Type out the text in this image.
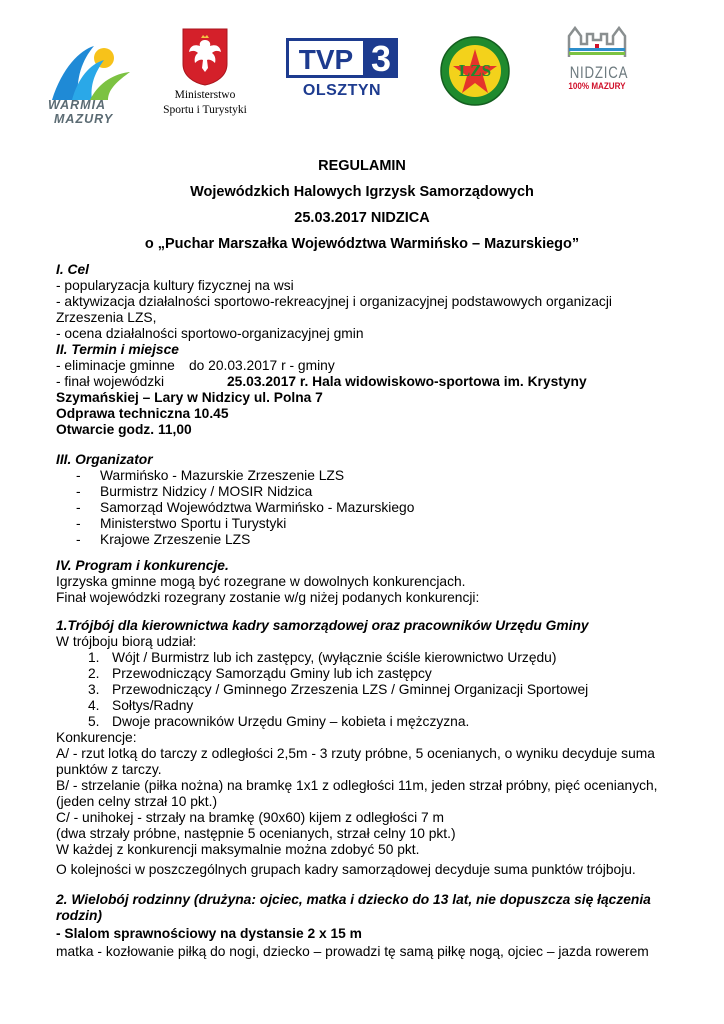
WARMIA
MAZURY
Ministerstwo
Sportu i Turystyki
TVP 3
OLSZTYN
LZS	NIDZICA
100% MAZURY
REGULAMIN
Wojewódzkich Halowych Igrzysk Samorządowych
25.03.2017 NIDZICA
o „Puchar Marszałka Województwa Warmińsko – Mazurskiego”
I. Cel
- popularyzacja kultury fizycznej na wsi
- aktywizacja działalności sportowo-rekreacyjnej i organizacyjnej podstawowych organizacji
Zrzeszenia LZS,
- ocena działalności sportowo-organizacyjnej gmin
II. Termin i miejsce
- eliminacje gminne do 20.03.2017 r - gminy
- finał wojewódzki	25.03.2017 r. Hala widowiskowo-sportowa im. Krystyny
Szymańskiej – Lary w Nidzicy ul. Polna 7
Odprawa techniczna 10.45
Otwarcie godz. 11,00
III. Organizator
- Warmińsko - Mazurskie Zrzeszenie LZS
- Burmistrz Nidzicy / MOSIR Nidzica
- Samorząd Województwa Warmińsko - Mazurskiego
- Ministerstwo Sportu i Turystyki
- Krajowe Zrzeszenie LZS
IV. Program i konkurencje.
Igrzyska gminne mogą być rozegrane w dowolnych konkurencjach.
Finał wojewódzki rozegrany zostanie w/g niżej podanych konkurencji:
1.Trójbój dla kierownictwa kadry samorządowej oraz pracowników Urzędu Gminy
W trójboju biorą udział:
1. Wójt / Burmistrz lub ich zastępcy, (wyłącznie ściśle kierownictwo Urzędu)
2. Przewodniczący Samorządu Gminy lub ich zastępcy
3. Przewodniczący / Gminnego Zrzeszenia LZS / Gminnej Organizacji Sportowej
4. Sołtys/Radny
5. Dwoje pracowników Urzędu Gminy – kobieta i mężczyzna.
Konkurencje:
A/ - rzut lotką do tarczy z odległości 2,5m - 3 rzuty próbne, 5 ocenianych, o wyniku decyduje suma
punktów z tarczy.
B/ - strzelanie (piłka nożna) na bramkę 1x1 z odległości 11m, jeden strzał próbny, pięć ocenianych,
(jeden celny strzał 10 pkt.)
C/ - unihokej - strzały na bramkę (90x60) kijem z odległości 7 m
(dwa strzały próbne, następnie 5 ocenianych, strzał celny 10 pkt.)
W każdej z konkurencji maksymalnie można zdobyć 50 pkt.
O kolejności w poszczególnych grupach kadry samorządowej decyduje suma punktów trójboju.
2. Wielobój rodzinny (drużyna: ojciec, matka i dziecko do 13 lat, nie dopuszcza się łączenia
rodzin)
- Slalom sprawnościowy na dystansie 2 x 15 m
matka - kozłowanie piłką do nogi, dziecko – prowadzi tę samą piłkę nogą, ojciec – jazda rowerem
